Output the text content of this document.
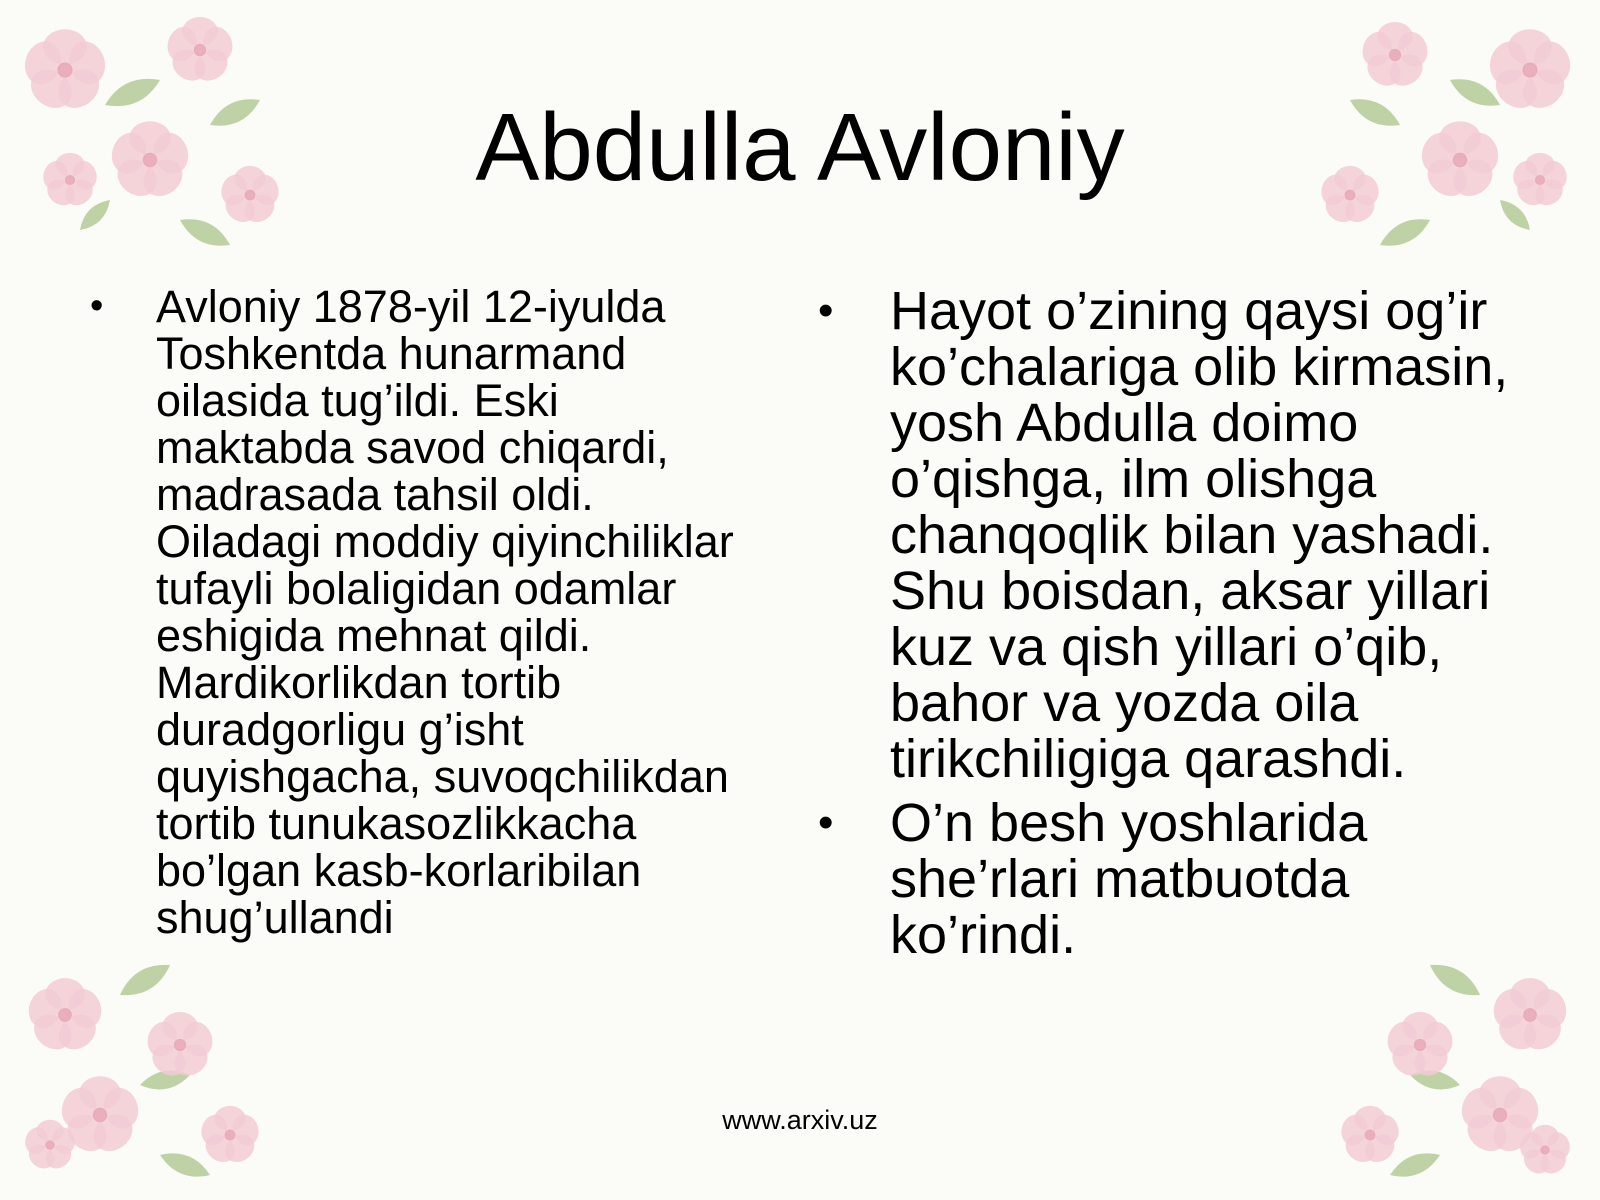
Abdulla Avloniy
• Avloniy 1878-yil 12-iyulda Toshkentda hunarmand oilasida tug’ildi. Eski maktabda savod chiqardi, madrasada tahsil oldi. Oiladagi moddiy qiyinchiliklar tufayli bolaligidan odamlar eshigida mehnat qildi. Mardikorlikdan tortib duradgorligu g’isht quyishgacha, suvoqchilikdan tortib tunukasozlikkacha bo’lgan kasb-korlaribilan shug’ullandi
• Hayot o’zining qaysi og’ir ko’chalariga olib kirmasin, yosh Abdulla doimo o’qishga, ilm olishga chanqoqlik bilan yashadi. Shu boisdan, aksar yillari kuz va qish yillari o’qib, bahor va yozda oila tirikchiligiga qarashdi.
• O’n besh yoshlarida she’rlari matbuotda ko’rindi.
www.arxiv.uz
